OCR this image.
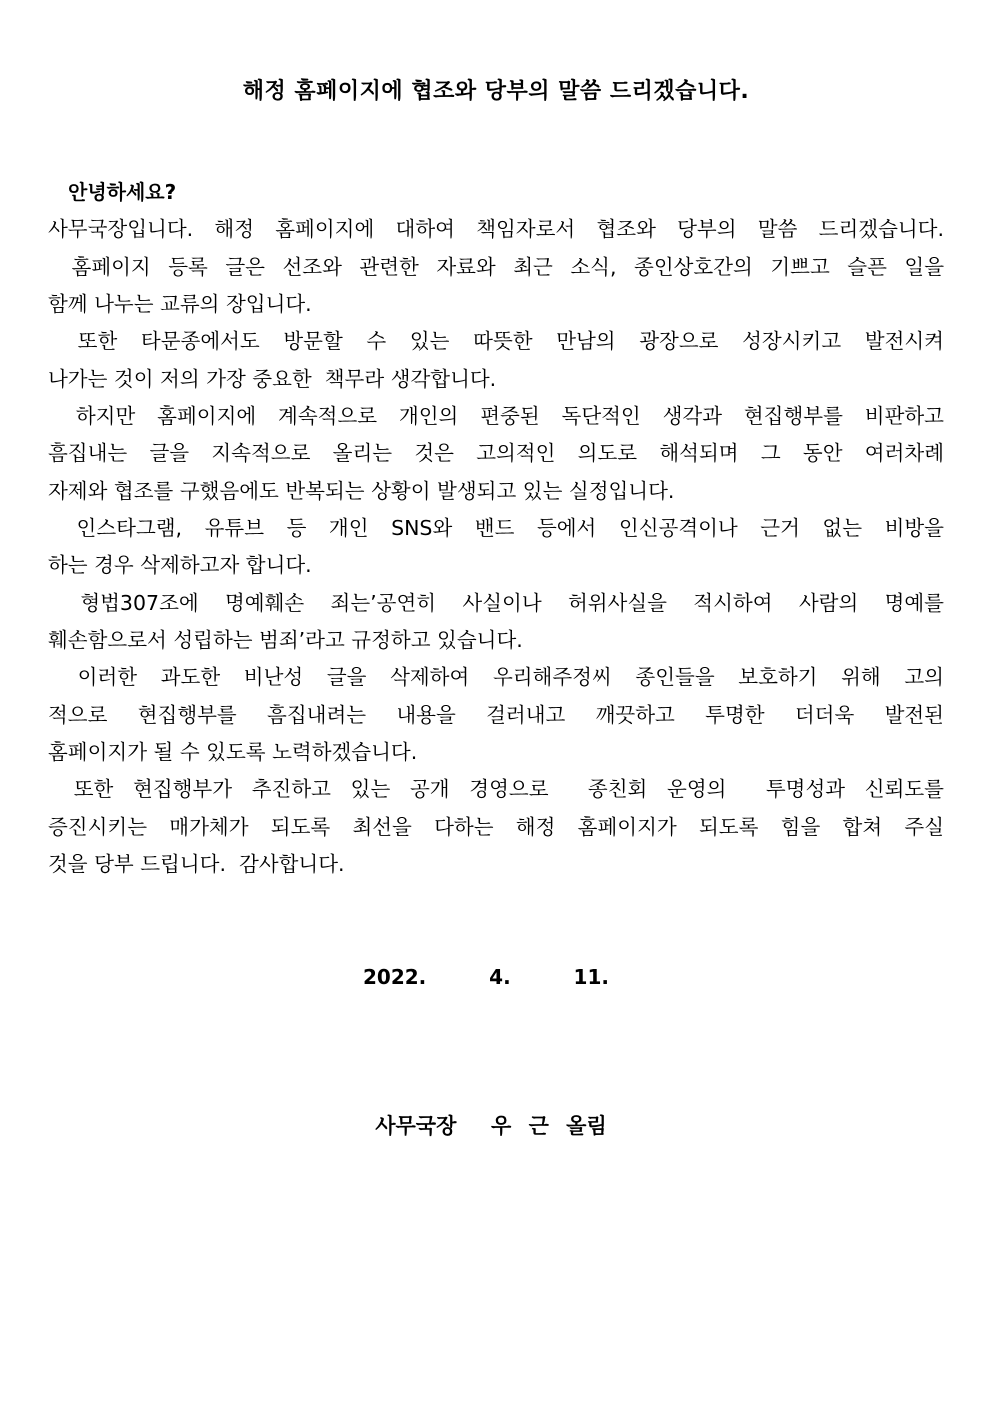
해정 홈페이지에 협조와 당부의 말씀 드리겠습니다.
안녕하세요?
사무국장입니다. 해정 홈페이지에 대하여 책임자로서 협조와 당부의 말씀 드리겠습니다.
홈페이지 등록 글은 선조와 관련한 자료와 최근 소식, 종인상호간의 기쁘고 슬픈 일을
함께 나누는 교류의 장입니다.
또한 타문종에서도 방문할 수 있는 따뜻한 만남의 광장으로 성장시키고 발전시켜
나가는 것이 저의 가장 중요한  책무라 생각합니다.
하지만 홈페이지에 계속적으로 개인의 편중된 독단적인 생각과 현집행부를 비판하고
흠집내는 글을 지속적으로 올리는 것은 고의적인 의도로 해석되며 그 동안 여러차례
자제와 협조를 구했음에도 반복되는 상황이 발생되고 있는 실정입니다.
인스타그램, 유튜브 등 개인 SNS와 밴드 등에서 인신공격이나 근거 없는 비방을
하는 경우 삭제하고자 합니다.
형법307조에 명예훼손 죄는’공연히 사실이나 허위사실을 적시하여 사람의 명예를
훼손함으로서 성립하는 범죄’라고 규정하고 있습니다.
이러한 과도한 비난성 글을 삭제하여 우리해주정씨 종인들을 보호하기 위해 고의
적으로 현집행부를 흠집내려는 내용을 걸러내고 깨끗하고 투명한 더더욱 발전된
홈페이지가 될 수 있도록 노력하겠습니다.
또한 현집행부가 추진하고 있는 공개 경영으로  종친회 운영의  투명성과 신뢰도를
증진시키는 매가체가 되도록 최선을 다하는 해정 홈페이지가 되도록 힘을 합쳐 주실
것을 당부 드립니다.  감사합니다.
2022.   4.   11.
사무국장  우 근 올림
